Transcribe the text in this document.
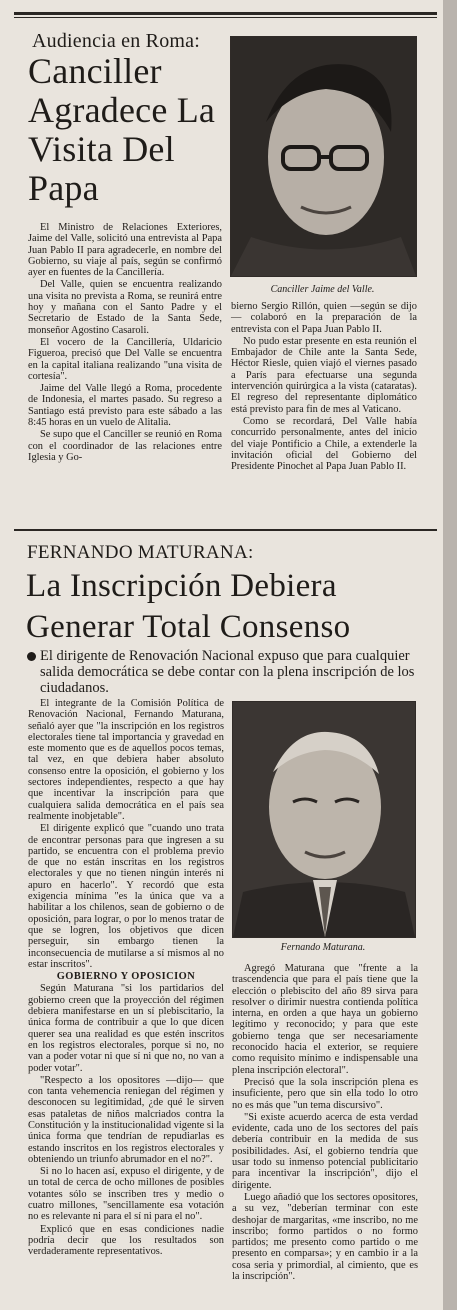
Audiencia en Roma:
Canciller Agradece La Visita Del Papa
Canciller Jaime del Valle.

El Ministro de Relaciones Exteriores, Jaime del Valle, solicitó una entrevista al Papa Juan Pablo II para agradecerle, en nombre del Gobierno, su viaje al país, según se confirmó ayer en fuentes de la Cancillería.

Del Valle, quien se encuentra realizando una visita no prevista a Roma, se reunirá entre hoy y mañana con el Santo Padre y el Secretario de Estado de la Santa Sede, monseñor Agostino Casaroli.

El vocero de la Cancillería, Uldaricio Figueroa, precisó que Del Valle se encuentra en la capital italiana realizando "una visita de cortesía".

Jaime del Valle llegó a Roma, procedente de Indonesia, el martes pasado. Su regreso a Santiago está previsto para este sábado a las 8:45 horas en un vuelo de Alitalia.

Se supo que el Canciller se reunió en Roma con el coordinador de las relaciones entre Iglesia y Go-

bierno Sergio Rillón, quien —según se dijo— colaboró en la preparación de la entrevista con el Papa Juan Pablo II.

No pudo estar presente en esta reunión el Embajador de Chile ante la Santa Sede, Héctor Riesle, quien viajó el viernes pasado a París para efectuarse una segunda intervención quirúrgica a la vista (cataratas). El regreso del representante diplomático está previsto para fin de mes al Vaticano.

Como se recordará, Del Valle había concurrido personalmente, antes del inicio del viaje Pontificio a Chile, a extenderle la invitación oficial del Gobierno del Presidente Pinochet al Papa Juan Pablo II.

FERNANDO MATURANA:
La Inscripción Debiera Generar Total Consenso
El dirigente de Renovación Nacional expuso que para cualquier salida democrática se debe contar con la plena inscripción de los ciudadanos.
Fernando Maturana.

El integrante de la Comisión Política de Renovación Nacional, Fernando Maturana, señaló ayer que "la inscripción en los registros electorales tiene tal importancia y gravedad en este momento que es de aquellos pocos temas, tal vez, en que debiera haber absoluto consenso entre la oposición, el gobierno y los sectores independientes, respecto a que hay que incentivar la inscripción para que cualquiera salida democrática en el país sea realmente inobjetable".

El dirigente explicó que "cuando uno trata de encontrar personas para que ingresen a su partido, se encuentra con el problema previo de que no están inscritas en los registros electorales y que no tienen ningún interés ni apuro en hacerlo". Y recordó que esta exigencia mínima "es la única que va a habilitar a los chilenos, sean de gobierno o de oposición, para lograr, o por lo menos tratar de que se logren, los objetivos que dicen perseguir, sin embargo tienen la inconsecuencia de mutilarse a sí mismos al no estar inscritos".

GOBIERNO Y OPOSICION

Según Maturana "si los partidarios del gobierno creen que la proyección del régimen debiera manifestarse en un sí plebiscitario, la única forma de contribuir a que lo que dicen querer sea una realidad es que estén inscritos en los registros electorales, porque si no, no van a poder votar ni que sí ni que no, no van a poder votar".

"Respecto a los opositores —dijo— que con tanta vehemencia reniegan del régimen y desconocen su legitimidad, ¿de qué le sirven esas pataletas de niños malcriados contra la Constitución y la institucionalidad vigente si la única forma que tendrían de repudiarlas es estando inscritos en los registros electorales y obteniendo un triunfo abrumador en el no?".

Si no lo hacen así, expuso el dirigente, y de un total de cerca de ocho millones de posibles votantes sólo se inscriben tres y medio o cuatro millones, "sencillamente esa votación no es relevante ni para el sí ni para el no".

Explicó que en esas condiciones nadie podría decir que los resultados son verdaderamente representativos.

Agregó Maturana que "frente a la trascendencia que para el país tiene que la elección o plebiscito del año 89 sirva para resolver o dirimir nuestra contienda política interna, en orden a que haya un gobierno legítimo y reconocido; y para que este gobierno tenga que ser necesariamente reconocido hacia el exterior, se requiere como requisito mínimo e indispensable una plena inscripción electoral".

Precisó que la sola inscripción plena es insuficiente, pero que sin ella todo lo otro no es más que "un tema discursivo".

"Si existe acuerdo acerca de esta verdad evidente, cada uno de los sectores del país debería contribuir en la medida de sus posibilidades. Así, el gobierno tendría que usar todo su inmenso potencial publicitario para incentivar la inscripción", dijo el dirigente.

Luego añadió que los sectores opositores, a su vez, "deberían terminar con este deshojar de margaritas, «me inscribo, no me inscribo; formo partidos o no formo partidos; me presento como partido o me presento en comparsa»; y en cambio ir a la cosa seria y primordial, al cimiento, que es la inscripción".
